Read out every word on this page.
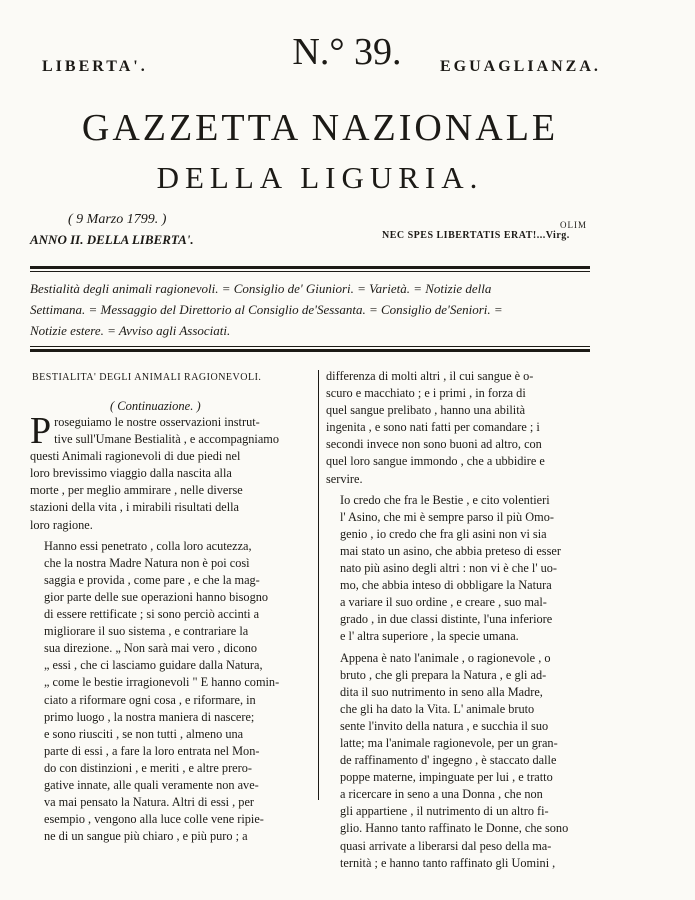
LIBERTA'.	N.° 39.	EGUAGLIANZA.
GAZZETTA NAZIONALE
DELLA LIGURIA.
( 9 Marzo 1799. )
ANNO II. DELLA LIBERTA'.
OLIM
NEC SPES LIBERTATIS ERAT!...Virg.
Bestialità degli animali ragionevoli. = Consiglio de' Giuniori. = Varietà. = Notizie della
Settimana. = Messaggio del Direttorio al Consiglio de'Sessanta. = Consiglio de'Seniori. =
Notizie estere. = Avviso agli Associati.
BESTIALITA' DEGLI ANIMALI RAGIONEVOLI.
( Continuazione. )

P roseguiamo le nostre osservazioni instrut-
tive sull'Umane Bestialità , e accompagniamo
questi Animali ragionevoli di due piedi nel
loro brevissimo viaggio dalla nascita alla
morte , per meglio ammirare , nelle diverse
stazioni della vita , i mirabili risultati della
loro ragione.

Hanno essi penetrato , colla loro acutezza,
che la nostra Madre Natura non è poi così
saggia e provida , come pare , e che la mag-
gior parte delle sue operazioni hanno bisogno
di essere rettificate ; si sono perciò accinti a
migliorare il suo sistema , e contrariare la
sua direzione. „ Non sarà mai vero , dicono
„ essi , che ci lasciamo guidare dalla Natura,
„ come le bestie irragionevoli " E hanno comin-
ciato a riformare ogni cosa , e riformare, in
primo luogo , la nostra maniera di nascere;
e sono riusciti , se non tutti , almeno una
parte di essi , a fare la loro entrata nel Mon-
do con distinzioni , e meriti , e altre prero-
gative innate, alle quali veramente non ave-
va mai pensato la Natura. Altri di essi , per
esempio , vengono alla luce colle vene ripie-
ne di un sangue più chiaro , e più puro ; a

differenza di molti altri , il cui sangue è o-
scuro e macchiato ; e i primi , in forza di
quel sangue prelibato , hanno una abilità
ingenita , e sono nati fatti per comandare ; i
secondi invece non sono buoni ad altro, con
quel loro sangue immondo , che a ubbidire e
servire.

Io credo che fra le Bestie , e cito volentieri
l' Asino, che mi è sempre parso il più Omo-
genio , io credo che fra gli asini non vi sia
mai stato un asino, che abbia preteso di esser
nato più asino degli altri : non vi è che l' uo-
mo, che abbia inteso di obbligare la Natura
a variare il suo ordine , e creare , suo mal-
grado , in due classi distinte, l'una inferiore
e l' altra superiore , la specie umana.

Appena è nato l'animale , o ragionevole , o
bruto , che gli prepara la Natura , e gli ad-
dita il suo nutrimento in seno alla Madre,
che gli ha dato la Vita. L' animale bruto
sente l'invito della natura , e succhia il suo
latte; ma l'animale ragionevole, per un gran-
de raffinamento d' ingegno , è staccato dalle
poppe materne, impinguate per lui , e tratto
a ricercare in seno a una Donna , che non
gli appartiene , il nutrimento di un altro fi-
glio. Hanno tanto raffinato le Donne, che sono
quasi arrivate a liberarsi dal peso della ma-
ternità ; e hanno tanto raffinato gli Uomini ,
